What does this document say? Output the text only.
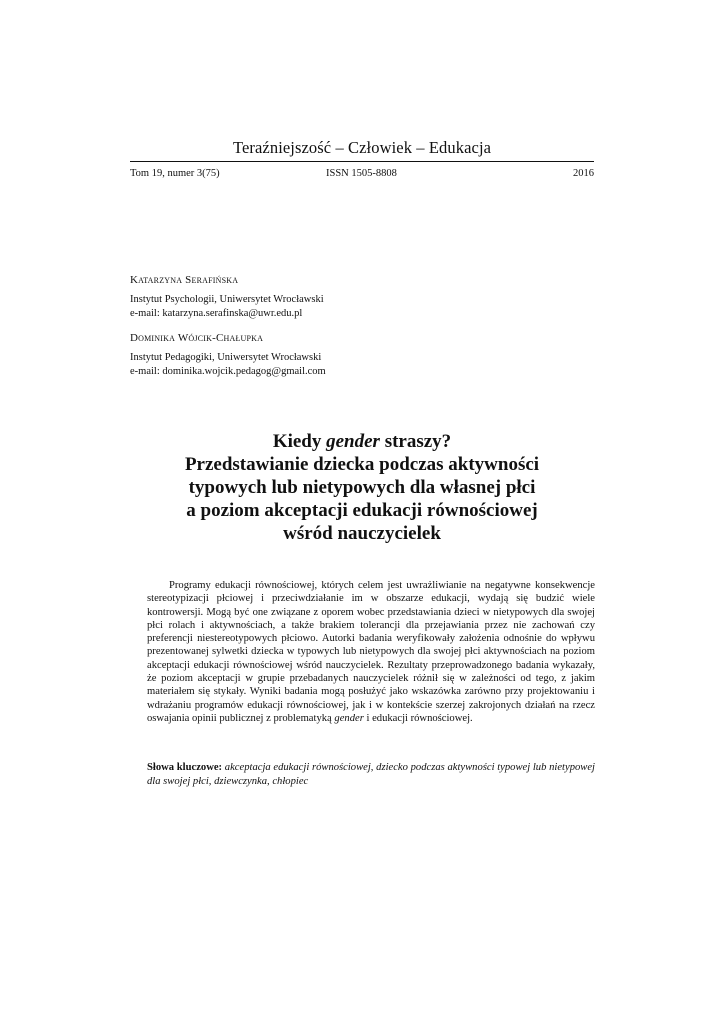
Teraźniejszość – Człowiek – Edukacja
Tom 19, numer 3(75)	ISSN 1505-8808	2016

Katarzyna Serafińska

Instytut Psychologii, Uniwersytet Wrocławski

e-mail: katarzyna.serafinska@uwr.edu.pl

Dominika Wójcik-Chałupka

Instytut Pedagogiki, Uniwersytet Wrocławski

e-mail: dominika.wojcik.pedagog@gmail.com

Kiedy gender straszy?
Przedstawianie dziecka podczas aktywności
typowych lub nietypowych dla własnej płci
a poziom akceptacji edukacji równościowej
wśród nauczycielek

Programy edukacji równościowej, których celem jest uwrażliwianie na negatywne konsekwencje stereotypizacji płciowej i przeciwdziałanie im w obszarze edukacji, wydają się budzić wiele kontrowersji. Mogą być one związane z oporem wobec przedstawiania dzieci w nietypowych dla swojej płci rolach i aktywnościach, a także brakiem tolerancji dla przejawiania przez nie zachowań czy preferencji niestereotypowych płciowo. Autorki badania weryfikowały założenia odnośnie do wpływu prezentowanej sylwetki dziecka w typowych lub nietypowych dla swojej płci aktywnościach na poziom akceptacji edukacji równościowej wśród nauczycielek. Rezultaty przeprowadzonego badania wykazały, że poziom akceptacji w grupie przebadanych nauczycielek różnił się w zależności od tego, z jakim materiałem się stykały. Wyniki badania mogą posłużyć jako wskazówka zarówno przy projektowaniu i wdrażaniu programów edukacji równościowej, jak i w kontekście szerzej zakrojonych działań na rzecz oswajania opinii publicznej z problematyką gender i edukacji równościowej.

Słowa kluczowe: akceptacja edukacji równościowej, dziecko podczas aktywności typowej lub nietypowej dla swojej płci, dziewczynka, chłopiec
